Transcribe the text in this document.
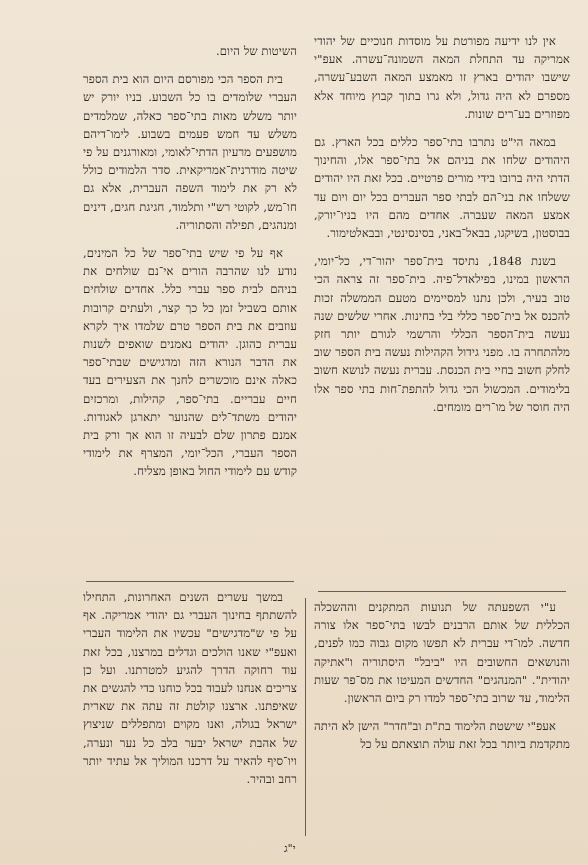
אין לנו ידיעה מפורטת על מוסדות חנוכיים של יהודי אמריקה עד התחלת המאה השמונה־עשרה. אעפ"י שישבו יהודים בארץ זו מאמצע המאה השבע־עשרה, מספרם לא היה גדול, ולא גרו בתוך קבוץ מיוחד אלא מפוזרים בע־רים שונות.

במאה הי"ט נתרבו בתי־ספר כללים בכל הארץ. גם היהודים שלחו את בניהם אל בתי־ספר אלו, והחינוך הדתי היה ברובו בידי מורים פרטיים. בכל זאת היו יהודים ששלחו את בני־הם לבתי ספר העברים בכל יום ויום עד אמצע המאה שעברה. אחדים מהם היו בניו־יורק, בבוסטון, בשיקגו, בבאל־באני, בסינסינטי, ובבאלטימור.

בשנת 1848, נתיסד בית־ספר יהור־די, כל־יומי, הראשון במינו, בפילאדל־פיה. בית־ספר זה צראה הכי טוב בעיר, ולכן נתנו למסיימים מטעם הממשלה זכות להכנס אל בית־ספר כללי בלי בחינות. אחרי שלשים שנה נעשה בית־הספר הכללי והרשמי לגורם יותר חזק מלהתחרה בו. מפני גידול הקהילות נעשה בית הספר שוב לחלק חשוב בחיי בית הכנסת. עברית נעשה לנושא חשוב בלימודים. המכשול הכי גדול להתפת־חות בתי ספר אלו היה חוסר של מו־רים מומחים.

השיטות של היום.

בית הספר הכי מפורסם היום הוא בית הספר העברי שלומדים בו כל השבוע. בניו יורק יש יותר משלש מאות בתי־ספר כאלה, שמלמדים משלש עד חמש פעמים בשבוע. לימו־דיהם מושפעים מרעיון הדתי־לאומי, ומאורגנים על פי שיטה מודרנית־אמריקאית. סדר הלמודים כולל לא רק את לימוד השפה העברית, אלא גם חו־מש, לקוטי רש"י ותלמוד, חגיגת חגים, דינים ומנהגים, תפילה והסתוריה.

אף על פי שיש בתי־ספר של כל המינים, נודע לנו שהרבה הורים אי־נם שולחים את בניהם לבית ספר עברי כלל. אחדים שולחים אותם בשביל זמן כל כך קצר, ולעתים קרובות עוזבים את בית הספר טרם שלמדו איך לקרא עברית כהוגן. יהודים נאמנים שואפים לשנות את הדבר הנורא הזה ומדגישים שבתי־ספר כאלה אינם מוכשרים לחנך את הצעירים בעד חיים עבריים. בתי־ספר, קהילות, ומרכזים יהודים משתד־לים שהנוער יתארגן לאגודות. אמנם פתרון שלם לבעיה זו הוא אך ורק בית הספר העברי, הכל־יומי, המצרף את לימודי קודש עם לימודי החול באופן מצליח.

ע"י השפעתה של תנועות המתקנים וההשכלה הכללית של אותם הרבנים לבשו בתי־ספר אלו צורה חדשה. למו־די עברית לא תפשו מקום גבוה כמו לפנים, והנושאים החשובים היו "ביבל" היסתוריה ו"אתיקה יהודית". "המנהגים" החדשים המעיטו את מס־פר שעות הלימוד, עד שרוב בתי־ספר למדו רק ביום הראשון.

אעפ"י שישטת הלימוד בת"ת וב"חדר" הישן לא היתה מתקדמת ביותר בכל זאת עולה תוצאתם על כל

במשך עשרים השנים האחרונות, התחילו להשתתף בחינוך העברי גם יהודי אמריקה. אף על פי ש"מדגישים" עכשיו את הלימוד העברי ואעפ"י שאנו הולכים וגדלים במרצנו, בכל זאת עוד רחוקה הדרך להגיע למטרתנו. ועל כן צריכים אנחנו לעבוד בכל כוחנו כדי להגשים את שאיפתנו. ארצנו קולטת זה עתה את שארית ישראל בגולה, ואנו מקוים ומתפללים שניצוץ של אהבת ישראל יבער בלב כל נער ונערה, ויו־סיף להאיר על דרכנו המוליך אל עתיד יותר רחב ובהיר.

י"ג
